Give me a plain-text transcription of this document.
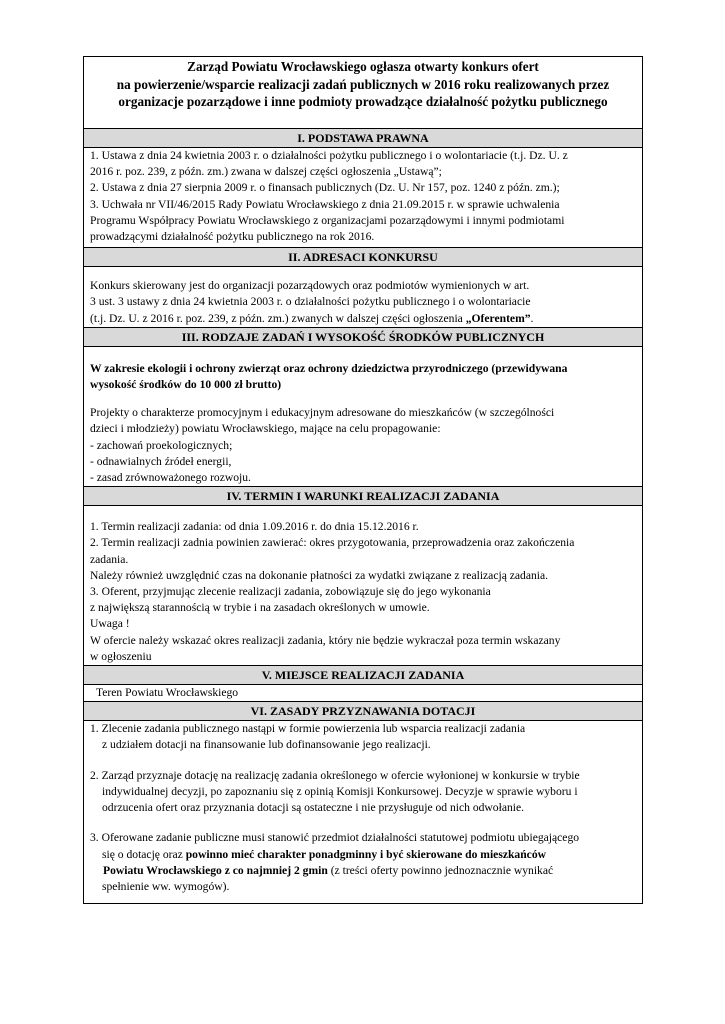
Zarząd Powiatu Wrocławskiego ogłasza otwarty konkurs ofert
na powierzenie/wsparcie realizacji zadań publicznych w 2016 roku realizowanych przez
organizacje pozarządowe i inne podmioty prowadzące działalność pożytku publicznego

I. PODSTAWA PRAWNA

1. Ustawa z dnia 24 kwietnia 2003 r. o działalności pożytku publicznego i o wolontariacie (t.j. Dz. U. z

2016 r. poz. 239, z późn. zm.) zwana w dalszej części ogłoszenia „Ustawą”;

2. Ustawa z dnia 27 sierpnia 2009 r. o finansach publicznych (Dz. U. Nr 157, poz. 1240 z późn. zm.);

3. Uchwała nr VII/46/2015 Rady Powiatu Wrocławskiego z dnia 21.09.2015 r. w sprawie uchwalenia

Programu Współpracy Powiatu Wrocławskiego z organizacjami pozarządowymi i innymi podmiotami

prowadzącymi działalność pożytku publicznego na rok 2016.

II. ADRESACI KONKURSU

Konkurs skierowany jest do organizacji pozarządowych oraz podmiotów wymienionych w art.

3 ust. 3 ustawy z dnia 24 kwietnia 2003 r. o działalności pożytku publicznego i o wolontariacie

(t.j. Dz. U. z 2016 r. poz. 239, z późn. zm.) zwanych w dalszej części ogłoszenia „Oferentem”.

III. RODZAJE ZADAŃ I WYSOKOŚĆ ŚRODKÓW PUBLICZNYCH

W zakresie ekologii i ochrony zwierząt oraz ochrony dziedzictwa przyrodniczego (przewidywana

wysokość środków do 10 000 zł brutto)

Projekty o charakterze promocyjnym i edukacyjnym adresowane do mieszkańców (w szczególności

dzieci i młodzieży) powiatu Wrocławskiego, mające na celu propagowanie:

- zachowań proekologicznych;

- odnawialnych źródeł energii,

- zasad zrównoważonego rozwoju.

IV. TERMIN I WARUNKI REALIZACJI ZADANIA

1. Termin realizacji zadania: od dnia 1.09.2016 r. do dnia 15.12.2016 r.

2. Termin realizacji zadnia powinien zawierać: okres przygotowania, przeprowadzenia oraz zakończenia

zadania.

Należy również uwzględnić czas na dokonanie płatności za wydatki związane z realizacją zadania.

3. Oferent, przyjmując zlecenie realizacji zadania, zobowiązuje się do jego wykonania

z największą starannością w trybie i na zasadach określonych w umowie.

Uwaga !

W ofercie należy wskazać okres realizacji zadania, który nie będzie wykraczał poza termin wskazany

w ogłoszeniu

V. MIEJSCE REALIZACJI ZADANIA

Teren Powiatu Wrocławskiego

VI. ZASADY PRZYZNAWANIA DOTACJI

1. Zlecenie zadania publicznego nastąpi w formie powierzenia lub wsparcia realizacji zadania

z udziałem dotacji na finansowanie lub dofinansowanie jego realizacji.

2. Zarząd przyznaje dotację na realizację zadania określonego w ofercie wyłonionej w konkursie w trybie

indywidualnej decyzji, po zapoznaniu się z opinią Komisji Konkursowej. Decyzje w sprawie wyboru i

odrzucenia ofert oraz przyznania dotacji są ostateczne i nie przysługuje od nich odwołanie.

3. Oferowane zadanie publiczne musi stanowić przedmiot działalności statutowej podmiotu ubiegającego

się o dotację oraz powinno mieć charakter ponadgminny i być skierowane do mieszkańców

Powiatu Wrocławskiego z co najmniej 2 gmin (z treści oferty powinno jednoznacznie wynikać

spełnienie ww. wymogów).
